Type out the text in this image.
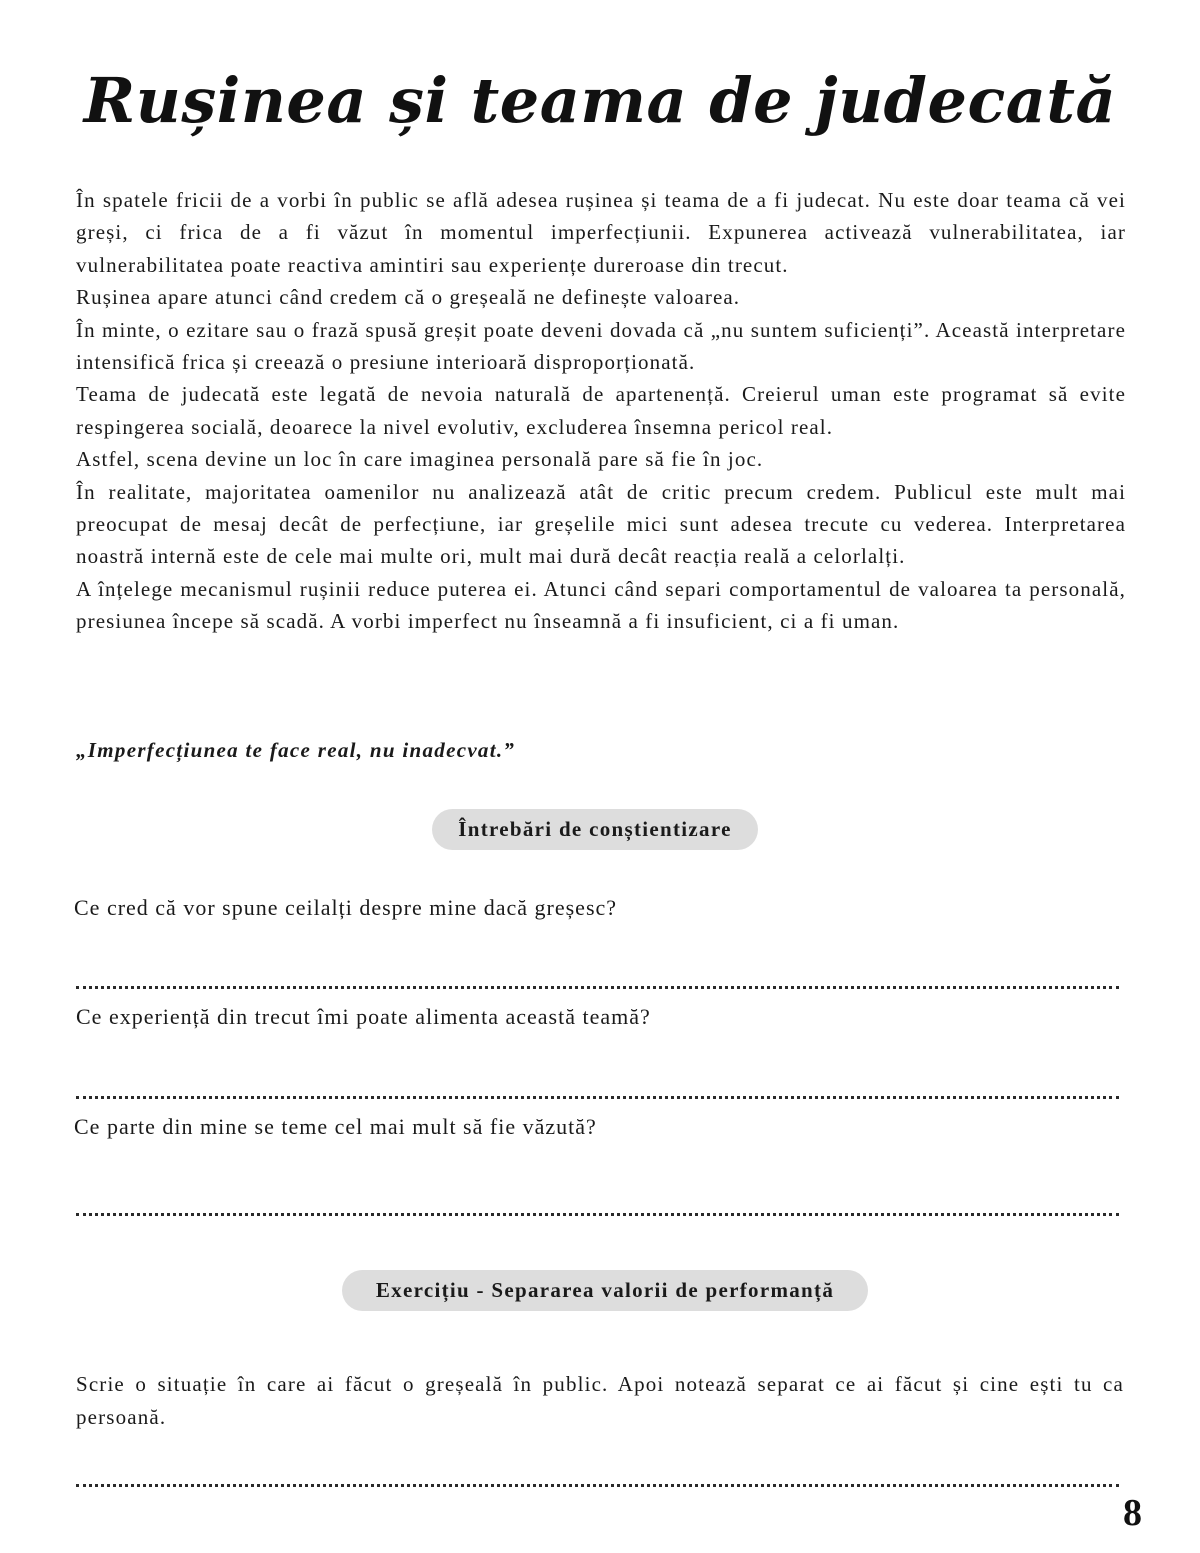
Rușinea și teama de judecată

În spatele fricii de a vorbi în public se află adesea rușinea și teama de a fi judecat. Nu este doar teama că vei greși, ci frica de a fi văzut în momentul imperfecțiunii. Expunerea activează vulnerabilitatea, iar vulnerabilitatea poate reactiva amintiri sau experiențe dureroase din trecut.

Rușinea apare atunci când credem că o greșeală ne definește valoarea.

În minte, o ezitare sau o frază spusă greșit poate deveni dovada că „nu suntem suficienți”. Această interpretare intensifică frica și creează o presiune interioară disproporționată.

Teama de judecată este legată de nevoia naturală de apartenență. Creierul uman este programat să evite respingerea socială, deoarece la nivel evolutiv, excluderea însemna pericol real.

Astfel, scena devine un loc în care imaginea personală pare să fie în joc.

În realitate, majoritatea oamenilor nu analizează atât de critic precum credem. Publicul este mult mai preocupat de mesaj decât de perfecțiune, iar greșelile mici sunt adesea trecute cu vederea. Interpretarea noastră internă este de cele mai multe ori, mult mai dură decât reacția reală a celorlalți.

A înțelege mecanismul rușinii reduce puterea ei. Atunci când separi comportamentul de valoarea ta personală, presiunea începe să scadă. A vorbi imperfect nu înseamnă a fi insuficient, ci a fi uman.

„Imperfecțiunea te face real, nu inadecvat.”
Întrebări de conștientizare
Ce cred că vor spune ceilalți despre mine dacă greșesc?
Ce experiență din trecut îmi poate alimenta această teamă?
Ce parte din mine se teme cel mai mult să fie văzută?
Exercițiu - Separarea valorii de performanță
Scrie o situație în care ai făcut o greșeală în public. Apoi notează separat ce ai făcut și cine ești tu ca persoană.
8
